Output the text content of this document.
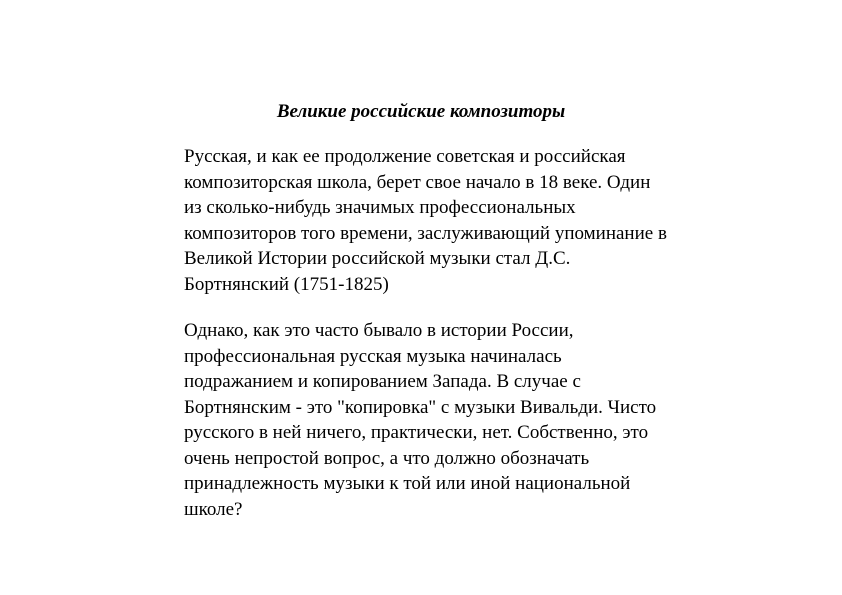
Великие российские композиторы
Русская, и как ее продолжение советская и российская
композиторская школа, берет свое начало в 18 веке. Один
из сколько-нибудь значимых профессиональных
композиторов того времени, заслуживающий упоминание в
Великой Истории российской музыки стал Д.С.
Бортнянский (1751-1825)
Однако, как это часто бывало в истории России,
профессиональная русская музыка начиналась
подражанием и копированием Запада. В случае с
Бортнянским - это "копировка" с музыки Вивальди. Чисто
русского в ней ничего, практически, нет. Собственно, это
очень непростой вопрос, а что должно обозначать
принадлежность музыки к той или иной национальной
школе?
